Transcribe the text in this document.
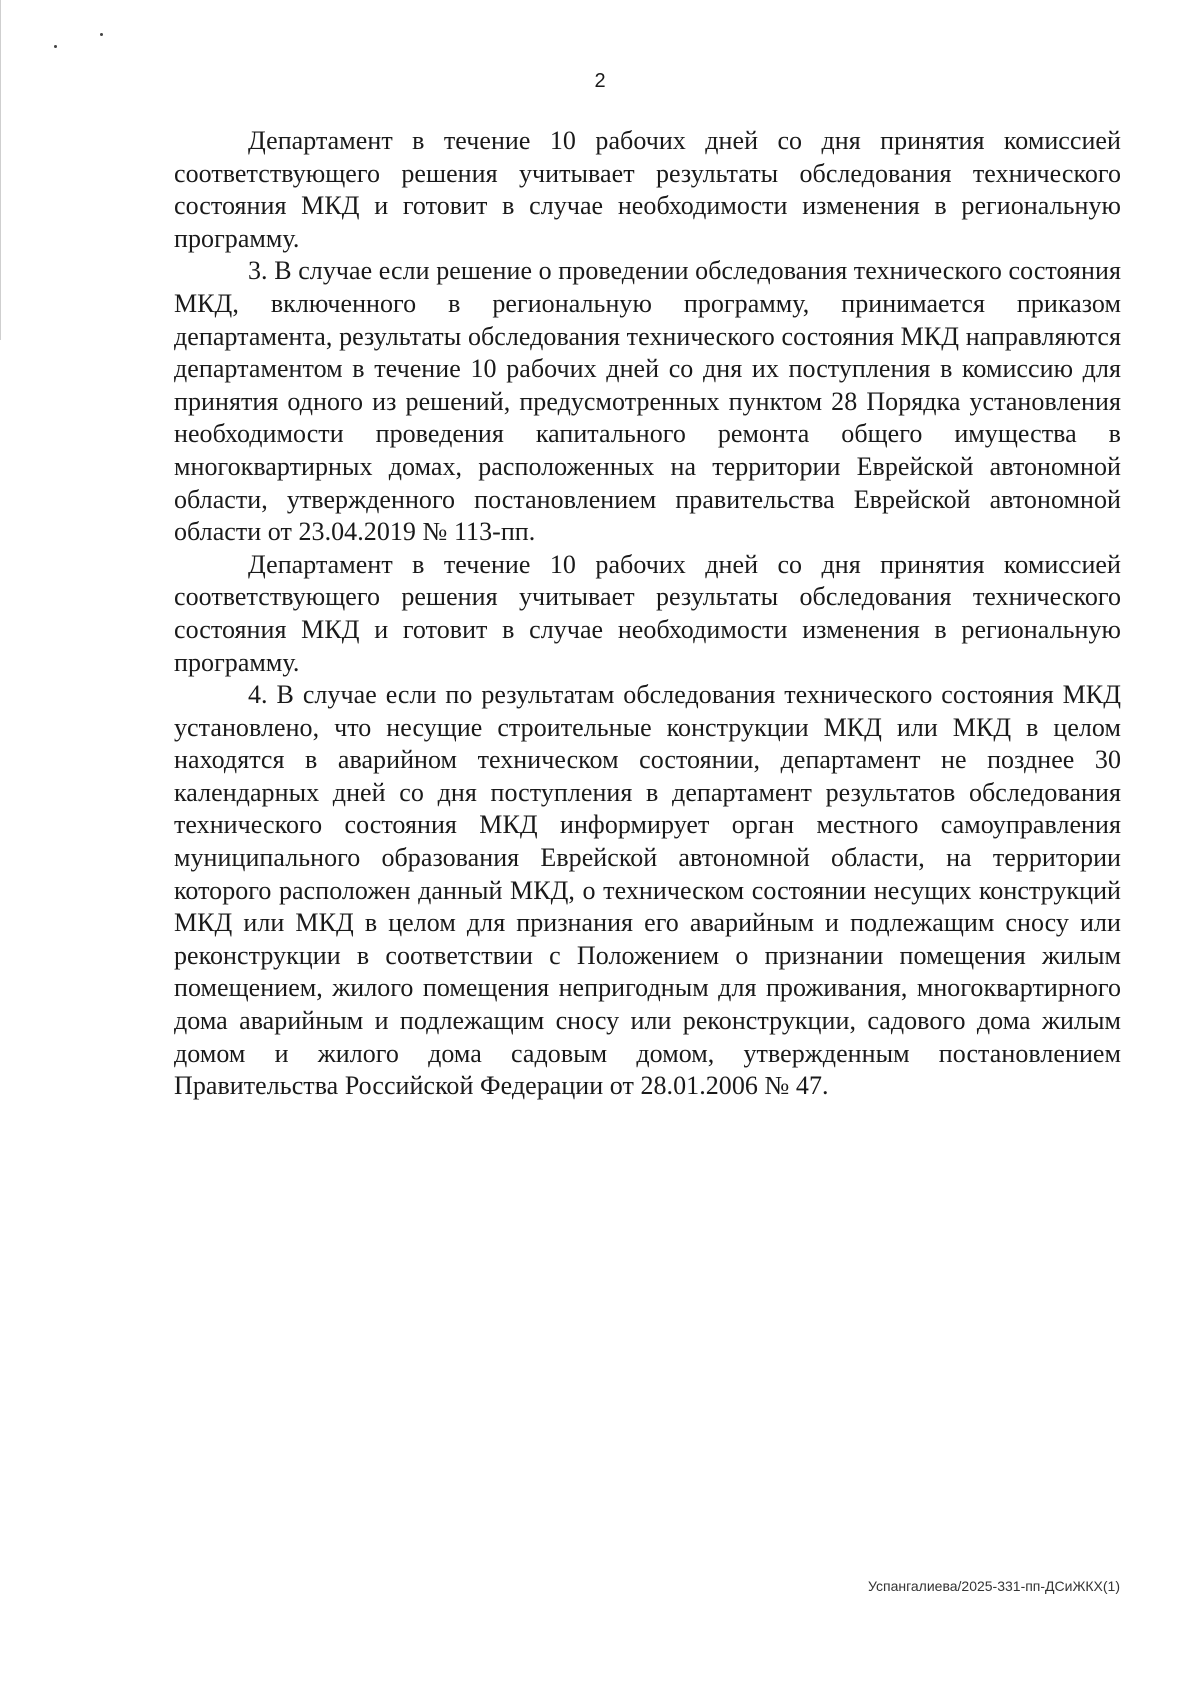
2

Департамент в течение 10 рабочих дней со дня принятия комиссией соответствующего решения учитывает результаты обследования технического состояния МКД и готовит в случае необходимости изменения в региональную программу.

3. В случае если решение о проведении обследования технического состояния МКД, включенного в региональную программу, принимается приказом департамента, результаты обследования технического состояния МКД направляются департаментом в течение 10 рабочих дней со дня их поступления в комиссию для принятия одного из решений, предусмотренных пунктом 28 Порядка установления необходимости проведения капитального ремонта общего имущества в многоквартирных домах, расположенных на территории Еврейской автономной области, утвержденного постановлением правительства Еврейской автономной области от 23.04.2019 № 113-пп.

Департамент в течение 10 рабочих дней со дня принятия комиссией соответствующего решения учитывает результаты обследования технического состояния МКД и готовит в случае необходимости изменения в региональную программу.

4. В случае если по результатам обследования технического состояния МКД установлено, что несущие строительные конструкции МКД или МКД в целом находятся в аварийном техническом состоянии, департамент не позднее 30 календарных дней со дня поступления в департамент результатов обследования технического состояния МКД информирует орган местного самоуправления муниципального образования Еврейской автономной области, на территории которого расположен данный МКД, о техническом состоянии несущих конструкций МКД или МКД в целом для признания его аварийным и подлежащим сносу или реконструкции в соответствии с Положением о признании помещения жилым помещением, жилого помещения непригодным для проживания, многоквартирного дома аварийным и подлежащим сносу или реконструкции, садового дома жилым домом и жилого дома садовым домом, утвержденным постановлением Правительства Российской Федерации от 28.01.2006 № 47.

Успангалиева/2025-331-пп-ДСиЖКХ(1)
